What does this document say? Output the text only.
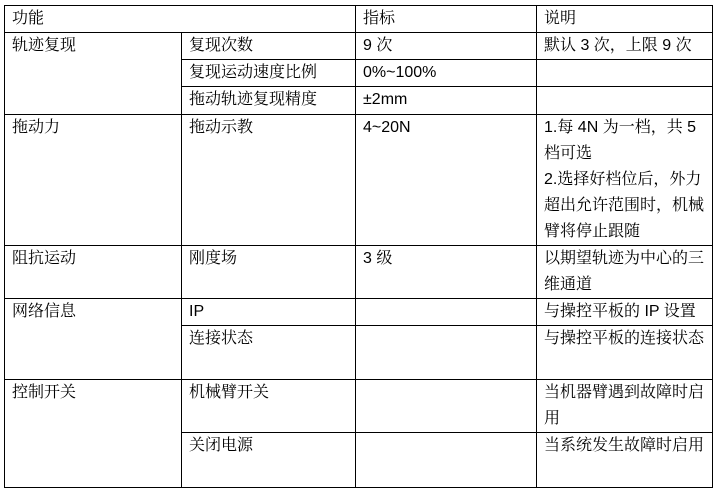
功能		指标	说明
轨迹复现	复现次数	9 次	默认 3 次，上限 9 次
	复现运动速度比例	0%~100%	
	拖动轨迹复现精度	±2mm	
拖动力	拖动示教	4~20N	1.每 4N 为一档，共 5 档可选
2.选择好档位后，外力超出允许范围时，机械臂将停止跟随

阻抗运动	刚度场	3 级	以期望轨迹为中心的三维通道
网络信息	IP		与操控平板的 IP 设置
	连接状态		与操控平板的连接状态
控制开关	机械臂开关		当机器臂遇到故障时启用
	关闭电源		当系统发生故障时启用
